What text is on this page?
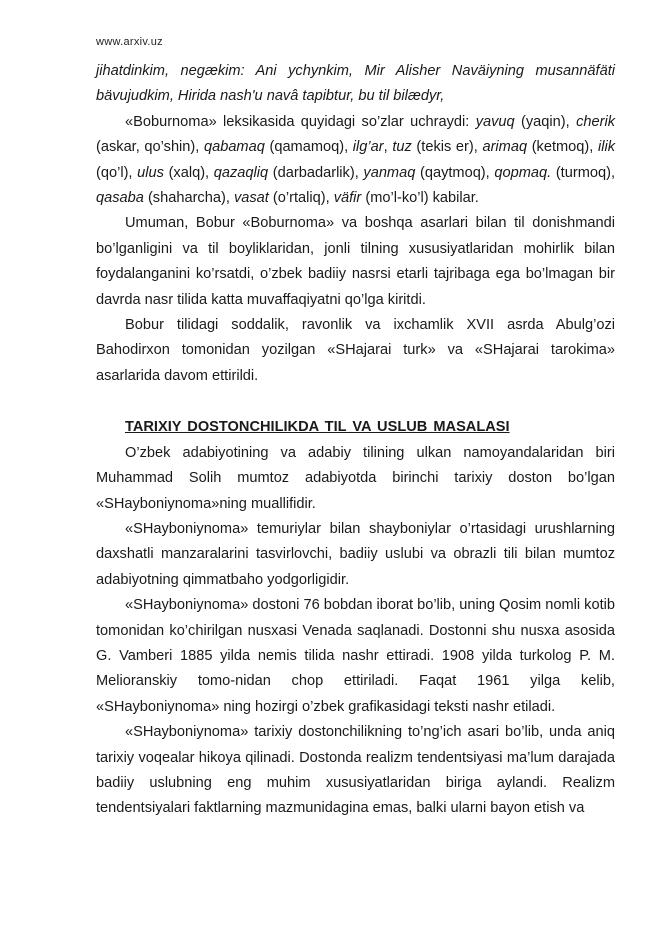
www.arxiv.uz

jihatdinkim, negækim: Ani ychynkim, Mir Alisher Naväiyning musannäfäti bävujudkim, Hirida nash'u navâ tapibtur, bu til bilædyr,

«Boburnoma» leksikasida quyidagi so’zlar uchraydi: yavuq (yaqin), cherik (askar, qo’shin), qabamaq (qamamoq), ilg’ar, tuz (tekis er), arimaq (ketmoq), ilik (qo’l), ulus (xalq), qazaqliq (darbadarlik), yanmaq (qaytmoq), qopmaq. (turmoq), qasaba (shaharcha), vasat (o’rtaliq), väfir (mo’l-ko’l) kabilar.

Umuman, Bobur «Boburnoma» va boshqa asarlari bilan til donishmandi bo’lganligini va til boyliklaridan, jonli tilning xususiyatlaridan mohirlik bilan foydalanganini ko’rsatdi, o’zbek badiiy nasrsi etarli tajribaga ega bo’lmagan bir davrda nasr tilida katta muvaffaqiyatni qo’lga kiritdi.

Bobur tilidagi soddalik, ravonlik va ixchamlik XVII asrda Abulg’ozi Bahodirxon tomonidan yozilgan «SHajarai turk» va «SHajarai tarokima» asarlarida davom ettirildi.

TARIXIY DOSTONCHILIKDA TIL VA USLUB MASALASI

O’zbek adabiyotining va adabiy tilining ulkan namoyandalaridan biri Muhammad Solih mumtoz adabiyotda birinchi tarixiy doston bo’lgan «SHayboniynoma»ning muallifidir.

«SHayboniynoma» temuriylar bilan shayboniylar o’rtasidagi urushlarning daxshatli manzaralarini tasvirlovchi, badiiy uslubi va obrazli tili bilan mumtoz adabiyotning qimmatbaho yodgorligidir.

«SHayboniynoma» dostoni 76 bobdan iborat bo’lib, uning Qosim nomli kotib tomonidan ko’chirilgan nusxasi Venada saqlanadi. Dostonni shu nusxa asosida G. Vamberi 1885 yilda nemis tilida nashr ettiradi. 1908 yilda turkolog P. M. Melioranskiy tomo-nidan chop ettiriladi. Faqat 1961 yilga kelib, «SHayboniynoma» ning hozirgi o’zbek grafikasidagi teksti nashr etiladi.

«SHayboniynoma» tarixiy dostonchilikning to’ng’ich asari bo’lib, unda aniq tarixiy voqealar hikoya qilinadi. Dostonda realizm tendentsiyasi ma’lum darajada badiiy uslubning eng muhim xususiyatlaridan biriga aylandi. Realizm tendentsiyalari faktlarning mazmunidagina emas, balki ularni bayon etish va
